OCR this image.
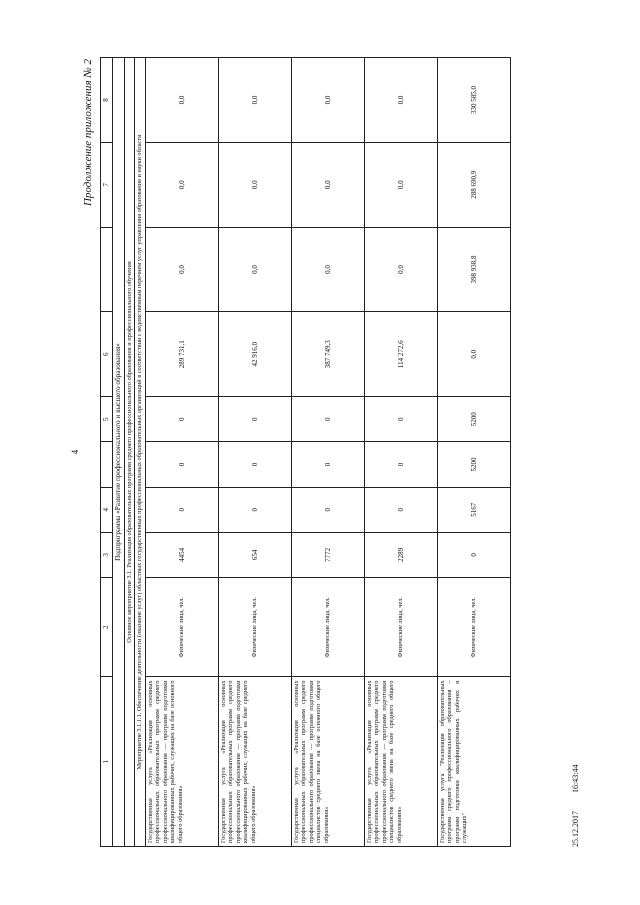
4
Продолжение приложения № 2
1	2	3	4		5	6		7	8
Подпрограмма «Развитие профессионального и высшего образования»									
Основное мероприятие 3.1. Реализация образовательных программ среднего профессионального образования и профессионального обучения									
Мероприятие 3.1.1.1. Обеспечение деятельности (оказание услуг) областных государственных профессиональных образовательных организаций в соответствии с ведомственным перечнем услуг управления образования и науки области									
Государственная услуга «Реализация основных профессиональных образовательных программ среднего профессионального образования — программ подготовки квалифицированных рабочих, служащих на базе основного общего образования»	Физические лица, чел.	4454	0	0	0	289 731,1	0,0	0,0	0,0
Государственная услуга «Реализация основных профессиональных образовательных программ среднего профессионального образования — программ подготовки квалифицированных рабочих, служащих на базе среднего общего образования»	Физические лица, чел.	654	0	0	0	42 916,0	0,0	0,0	0,0
Государственная услуга «Реализация основных профессиональных образовательных программ среднего профессионального образования — программ подготовки специалистов среднего звена на базе основного общего образования»	Физические лица, чел.	7772	0	0	0	387 749,3	0,0	0,0	0,0
Государственная услуга «Реализация основных профессиональных образовательных программ среднего профессионального образования — программ подготовки специалистов среднего звена на базе среднего общего образования»	Физические лица, чел.	2289	0	0	0	114 272,6	0,0	0,0	0,0
Государственная услуга "Реализация образовательных программ среднего профессионального образования – программ подготовки квалифицированных рабочих и служащих"	Физические лица, чел.	0	5167	5200	5200	0,0	398 938,8	288 690,9	330 585,0
25.12.2017 16:43:44
